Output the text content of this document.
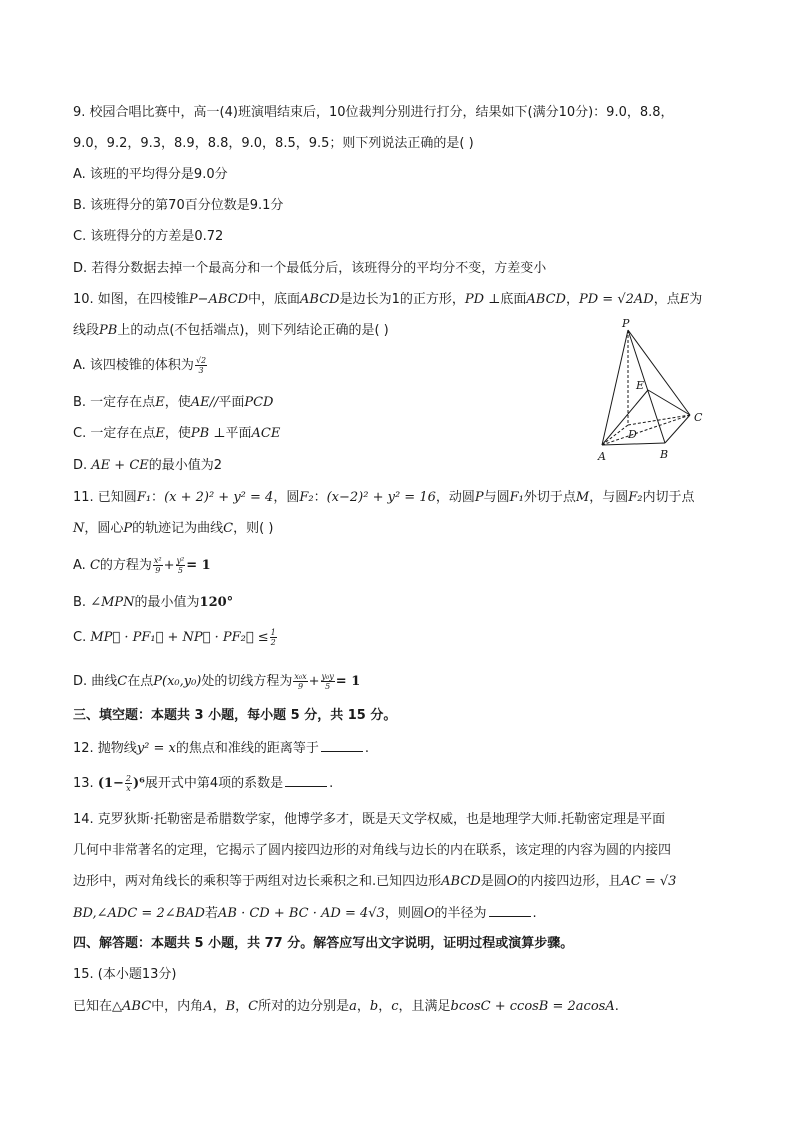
9. 校园合唱比赛中，高一(4)班演唱结束后，10位裁判分别进行打分，结果如下(满分10分)：9.0，8.8，
9.0，9.2，9.3，8.9，8.8，9.0，8.5，9.5；则下列说法正确的是( )
A. 该班的平均得分是9.0分
B. 该班得分的第70百分位数是9.1分
C. 该班得分的方差是0.72
D. 若得分数据去掉一个最高分和一个最低分后，该班得分的平均分不变，方差变小
10. 如图，在四棱锥P−ABCD中，底面ABCD是边长为1的正方形，PD ⊥底面ABCD，PD = √2AD，点E为
线段PB上的动点(不包括端点)，则下列结论正确的是( )
A. 该四棱锥的体积为 $\frac{√2}{3}$
B. 一定存在点E，使AE//平面PCD
C. 一定存在点E，使PB ⊥平面ACE
D. AE + CE的最小值为2
P
E
D
C
A	B
11. 已知圆F₁：(x + 2)² + y² = 4，圆F₂：(x−2)² + y² = 16，动圆P与圆F₁外切于点M，与圆F₂内切于点
N，圆心P的轨迹记为曲线C，则( )
A. C的方程为 $\frac{\text{x²}}{9} + \frac{\text{y²}}{5} = 1$
B. ∠MPN的最小值为120°
C. MP⃗ · PF₁⃗ + NP⃗ · PF₂⃗ ≤ $\frac{1}{2}$
D. 曲线C在点P(x₀,y₀)处的切线方程为 $\frac{\text{x₀x}}{9} + \frac{\text{y₀y}}{5} = 1$
三、填空题：本题共 3 小题，每小题 5 分，共 15 分。
12. 抛物线y² = x的焦点和准线的距离等于	.
13. $(1- \frac{2}{x} )^6$展开式中第4项的系数是	.
14. 克罗狄斯·托勒密是希腊数学家，他博学多才，既是天文学权威，也是地理学大师.托勒密定理是平面
几何中非常著名的定理，它揭示了圆内接四边形的对角线与边长的内在联系，该定理的内容为圆的内接四
边形中，两对角线长的乘积等于两组对边长乘积之和.已知四边形ABCD是圆O的内接四边形，且AC = √3
BD,∠ADC = 2∠BAD若AB · CD + BC · AD = 4√3，则圆O的半径为	.
四、解答题：本题共 5 小题，共 77 分。解答应写出文字说明，证明过程或演算步骤。
15. (本小题13分)
已知在△ABC中，内角A，B，C所对的边分别是a，b，c，且满足bcosC + ccosB = 2acosA.
